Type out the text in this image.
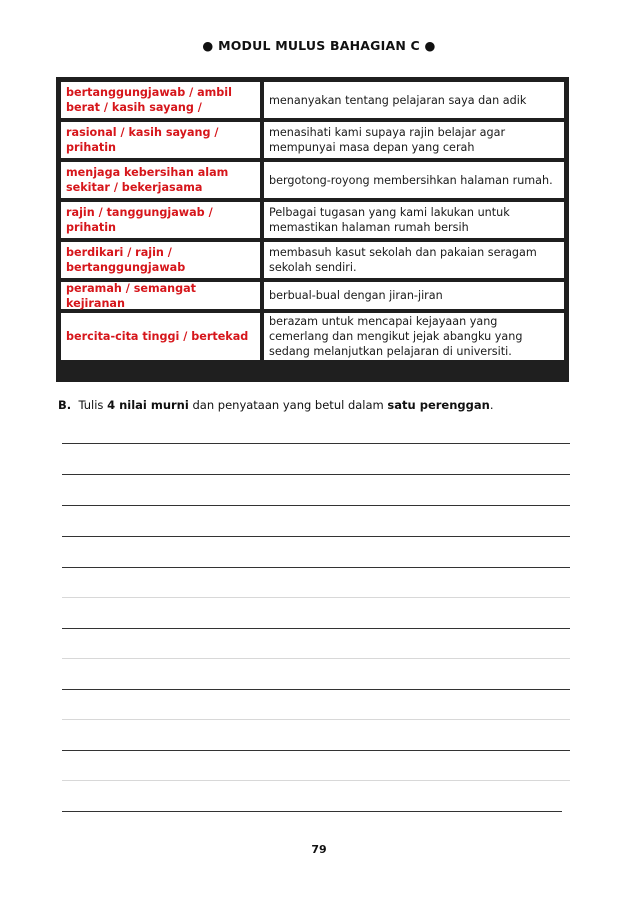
● MODUL MULUS BAHAGIAN C ●
bertanggungjawab / ambil berat / kasih sayang /
menanyakan tentang pelajaran saya dan adik
rasional / kasih sayang / prihatin
menasihati kami supaya rajin belajar agar mempunyai masa depan yang cerah
menjaga kebersihan alam sekitar / bekerjasama
bergotong-royong membersihkan halaman rumah.
rajin / tanggungjawab / prihatin
Pelbagai tugasan yang kami lakukan untuk memastikan halaman rumah bersih
berdikari / rajin / bertanggungjawab
membasuh kasut sekolah dan pakaian seragam sekolah sendiri.
peramah / semangat kejiranan
berbual-bual dengan jiran-jiran
bercita-cita tinggi / bertekad
berazam untuk mencapai kejayaan yang cemerlang dan mengikut jejak abangku yang sedang melanjutkan pelajaran di universiti.
B. Tulis 4 nilai murni dan penyataan yang betul dalam satu perenggan.
79
